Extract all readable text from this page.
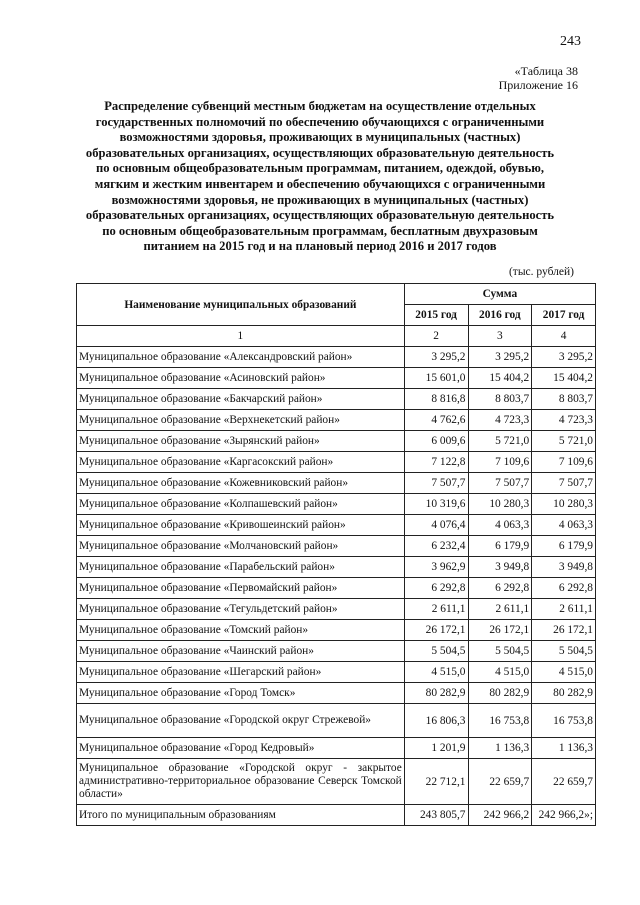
243
«Таблица 38
Приложение 16
Распределение субвенций местным бюджетам на осуществление отдельных
государственных полномочий по обеспечению обучающихся с ограниченными
возможностями здоровья, проживающих в муниципальных (частных)
образовательных организациях, осуществляющих образовательную деятельность
по основным общеобразовательным программам, питанием, одеждой, обувью,
мягким и жестким инвентарем и обеспечению обучающихся с ограниченными
возможностями здоровья, не проживающих в муниципальных (частных)
образовательных организациях, осуществляющих образовательную деятельность
по основным общеобразовательным программам, бесплатным двухразовым
питанием на 2015 год и на плановый период 2016 и 2017 годов
(тыс. рублей)
Наименование муниципальных образований	Сумма		
	2015 год	2016 год	2017 год
1	2	3	4
Муниципальное образование «Александровский район»	3 295,2	3 295,2	3 295,2
Муниципальное образование «Асиновский район»	15 601,0	15 404,2	15 404,2
Муниципальное образование «Бакчарский район»	8 816,8	8 803,7	8 803,7
Муниципальное образование «Верхнекетский район»	4 762,6	4 723,3	4 723,3
Муниципальное образование «Зырянский район»	6 009,6	5 721,0	5 721,0
Муниципальное образование «Каргасокский район»	7 122,8	7 109,6	7 109,6
Муниципальное образование «Кожевниковский район»	7 507,7	7 507,7	7 507,7
Муниципальное образование «Колпашевский район»	10 319,6	10 280,3	10 280,3
Муниципальное образование «Кривошеинский район»	4 076,4	4 063,3	4 063,3
Муниципальное образование «Молчановский район»	6 232,4	6 179,9	6 179,9
Муниципальное образование «Парабельский район»	3 962,9	3 949,8	3 949,8
Муниципальное образование «Первомайский район»	6 292,8	6 292,8	6 292,8
Муниципальное образование «Тегульдетский район»	2 611,1	2 611,1	2 611,1
Муниципальное образование «Томский район»	26 172,1	26 172,1	26 172,1
Муниципальное образование «Чаинский район»	5 504,5	5 504,5	5 504,5
Муниципальное образование «Шегарский район»	4 515,0	4 515,0	4 515,0
Муниципальное образование «Город Томск»	80 282,9	80 282,9	80 282,9
Муниципальное образование «Городской округ Стрежевой»	16 806,3	16 753,8	16 753,8
Муниципальное образование «Город Кедровый»	1 201,9	1 136,3	1 136,3
Муниципальное образование «Городской округ - закрытое административно-территориальное образование Северск Томской области»	22 712,1	22 659,7	22 659,7
Итого по муниципальным образованиям	243 805,7	242 966,2	242 966,2»;
